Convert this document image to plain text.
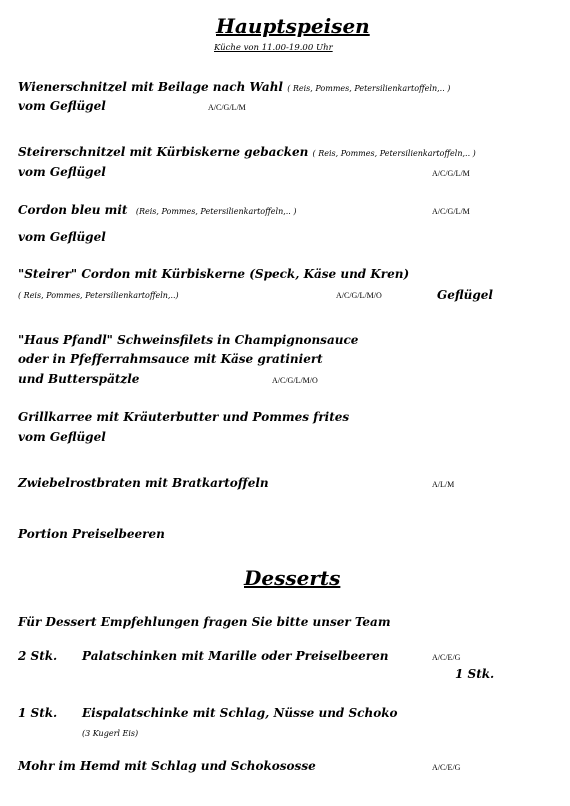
Hauptspeisen
Küche von 11.00-19.00 Uhr
Wienerschnitzel mit Beilage nach Wahl ( Reis, Pommes, Petersilienkartoffeln,.. )
vom Geflügel	A/C/G/L/M
Steirerschnitzel mit Kürbiskerne gebacken ( Reis, Pommes, Petersilienkartoffeln,.. )
vom Geflügel	A/C/G/L/M
Cordon bleu mit (Reis, Pommes, Petersilienkartoffeln,.. )	A/C/G/L/M
vom Geflügel
"Steirer" Cordon mit Kürbiskerne (Speck, Käse und Kren)
( Reis, Pommes, Petersilienkartoffeln,..)	A/C/G/L/M/O	Geflügel
"Haus Pfandl" Schweinsfilets in Champignonsauce
oder in Pfefferrahmsauce mit Käse gratiniert
und Butterspätzle	A/C/G/L/M/O
Grillkarree mit Kräuterbutter und Pommes frites
vom Geflügel
Zwiebelrostbraten mit Bratkartoffeln	A/L/M
Portion Preiselbeeren
Desserts
Für Dessert Empfehlungen fragen Sie bitte unser Team
2 Stk. Palatschinken mit Marille oder Preiselbeeren	A/C/E/G
1 Stk.
1 Stk. Eispalatschinke mit Schlag, Nüsse und Schoko
(3 Kugerl Eis)
Mohr im Hemd mit Schlag und Schokososse	A/C/E/G
